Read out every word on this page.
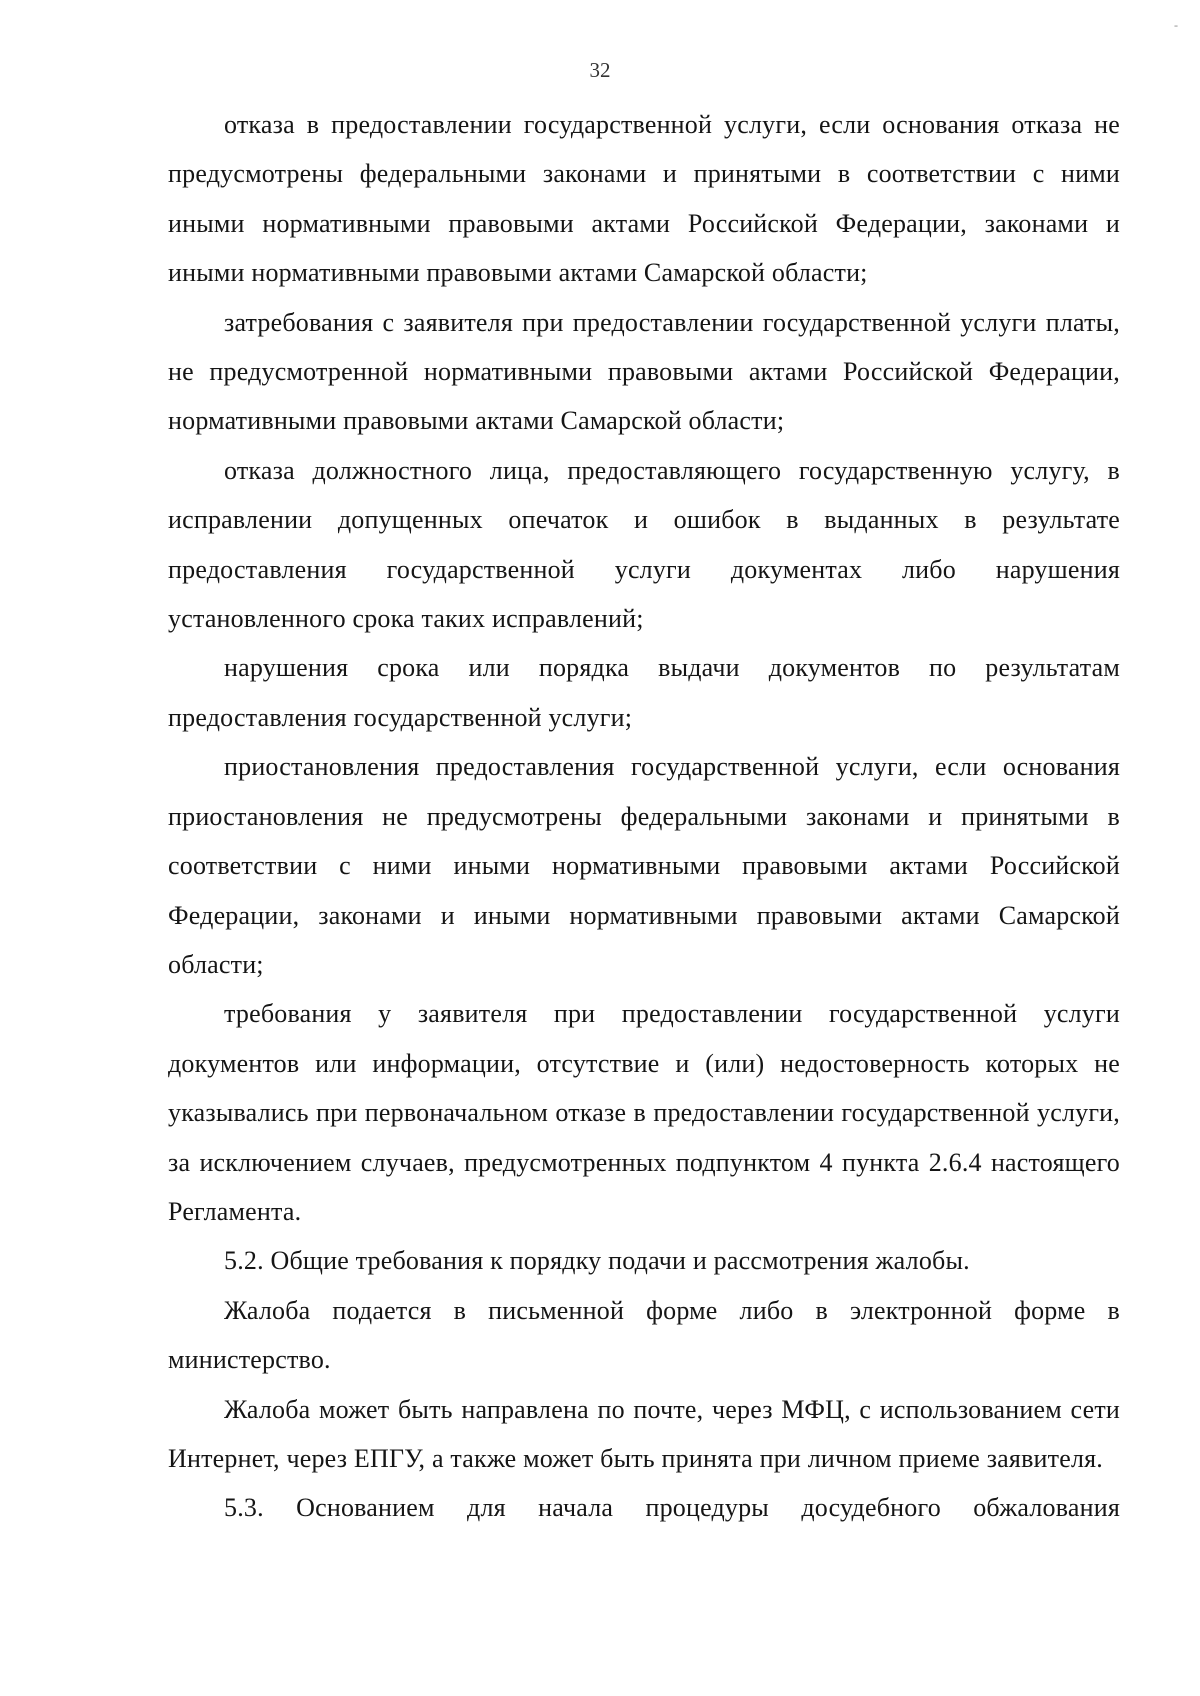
-
32

отказа в предоставлении государственной услуги, если основания отказа не предусмотрены федеральными законами и принятыми в соответствии с ними иными нормативными правовыми актами Российской Федерации, законами и иными нормативными правовыми актами Самарской области;

затребования с заявителя при предоставлении государственной услуги платы, не предусмотренной нормативными правовыми актами Российской Федерации, нормативными правовыми актами Самарской области;

отказа должностного лица, предоставляющего государственную услугу, в исправлении допущенных опечаток и ошибок в выданных в результате предоставления государственной услуги документах либо нарушения установленного срока таких исправлений;

нарушения срока или порядка выдачи документов по результатам предоставления государственной услуги;

приостановления предоставления государственной услуги, если основания приостановления не предусмотрены федеральными законами и принятыми в соответствии с ними иными нормативными правовыми актами Российской Федерации, законами и иными нормативными правовыми актами Самарской области;

требования у заявителя при предоставлении государственной услуги документов или информации, отсутствие и (или) недостоверность которых не указывались при первоначальном отказе в предоставлении государственной услуги, за исключением случаев, предусмотренных подпунктом 4 пункта 2.6.4 настоящего Регламента.

5.2. Общие требования к порядку подачи и рассмотрения жалобы.

Жалоба подается в письменной форме либо в электронной форме в министерство.

Жалоба может быть направлена по почте, через МФЦ, с использованием сети Интернет, через ЕПГУ, а также может быть принята при личном приеме заявителя.

5.3. Основанием для начала процедуры досудебного обжалования
